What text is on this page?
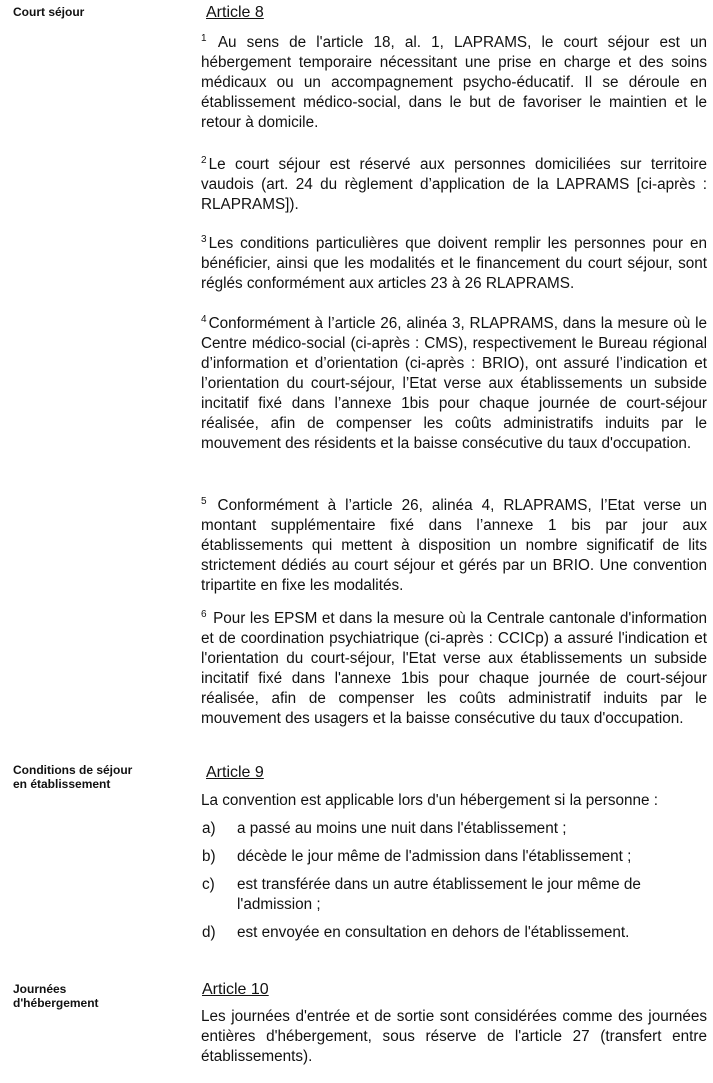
Court séjour	Article 8

$^1$ Au sens de l'article 18, al. 1, LAPRAMS, le court séjour est un hébergement temporaire nécessitant une prise en charge et des soins médicaux ou un accompagnement psycho-éducatif. Il se déroule en établissement médico-social, dans le but de favoriser le maintien et le retour à domicile.

$^2$ Le court séjour est réservé aux personnes domiciliées sur territoire vaudois (art. 24 du règlement d’application de la LAPRAMS [ci-après : RLAPRAMS]).

$^3$ Les conditions particulières que doivent remplir les personnes pour en bénéficier, ainsi que les modalités et le financement du court séjour, sont réglés conformément aux articles 23 à 26 RLAPRAMS.

$^4$ Conformément à l’article 26, alinéa 3, RLAPRAMS, dans la mesure où le Centre médico-social (ci-après : CMS), respectivement le Bureau régional d’information et d’orientation (ci-après : BRIO), ont assuré l’indication et l’orientation du court-séjour, l’Etat verse aux établissements un subside incitatif fixé dans l’annexe 1bis pour chaque journée de court-séjour réalisée, afin de compenser les coûts administratifs induits par le mouvement des résidents et la baisse consécutive du taux d'occupation.

$^5$ Conformément à l’article 26, alinéa 4, RLAPRAMS, l’Etat verse un montant supplémentaire fixé dans l’annexe 1 bis par jour aux établissements qui mettent à disposition un nombre significatif de lits strictement dédiés au court séjour et gérés par un BRIO. Une convention tripartite en fixe les modalités.

$^6$ Pour les EPSM et dans la mesure où la Centrale cantonale d'information et de coordination psychiatrique (ci-après : CCICp) a assuré l'indication et l'orientation du court-séjour, l'Etat verse aux établissements un subside incitatif fixé dans l'annexe 1bis pour chaque journée de court-séjour réalisée, afin de compenser les coûts administratif induits par le mouvement des usagers et la baisse consécutive du taux d'occupation.

Conditions de séjour
en établissement
Article 9

La convention est applicable lors d'un hébergement si la personne :

a) a passé au moins une nuit dans l'établissement ;
b) décède le jour même de l'admission dans l'établissement ;
c) est transférée dans un autre établissement le jour même de l'admission ;
d) est envoyée en consultation en dehors de l'établissement.
Journées
d'hébergement
Article 10

Les journées d'entrée et de sortie sont considérées comme des journées entières d'hébergement, sous réserve de l'article 27 (transfert entre établissements).
